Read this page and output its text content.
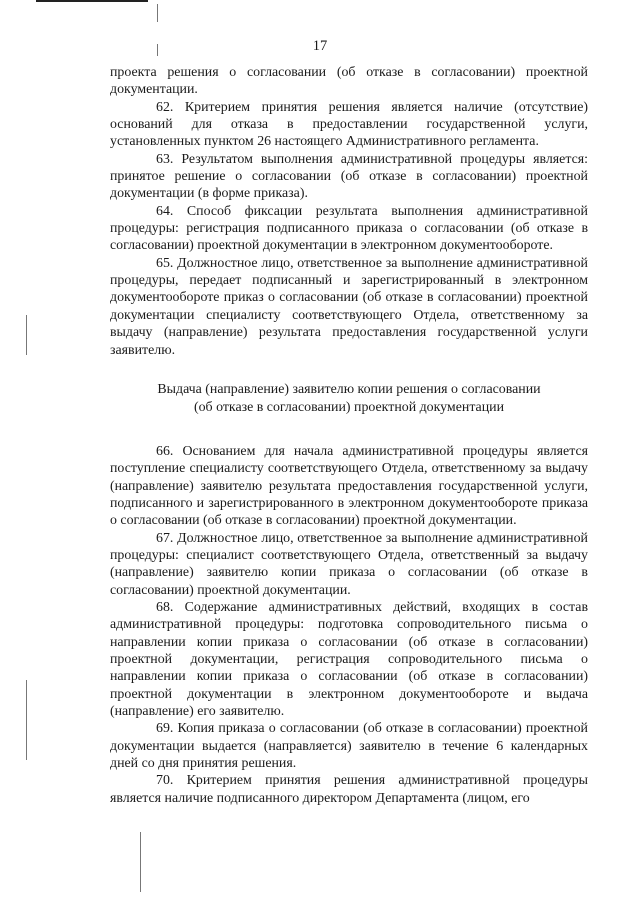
17

проекта решения о согласовании (об отказе в согласовании) проектной документации.

62. Критерием принятия решения является наличие (отсутствие) оснований для отказа в предоставлении государственной услуги, установленных пунктом 26 настоящего Административного регламента.

63. Результатом выполнения административной процедуры является: принятое решение о согласовании (об отказе в согласовании) проектной документации (в форме приказа).

64. Способ фиксации результата выполнения административной процедуры: регистрация подписанного приказа о согласовании (об отказе в согласовании) проектной документации в электронном документообороте.

65. Должностное лицо, ответственное за выполнение административной процедуры, передает подписанный и зарегистрированный в электронном документообороте приказ о согласовании (об отказе в согласовании) проектной документации специалисту соответствующего Отдела, ответственному за выдачу (направление) результата предоставления государственной услуги заявителю.

Выдача (направление) заявителю копии решения о согласовании
(об отказе в согласовании) проектной документации

66. Основанием для начала административной процедуры является поступление специалисту соответствующего Отдела, ответственному за выдачу (направление) заявителю результата предоставления государственной услуги, подписанного и зарегистрированного в электронном документообороте приказа о согласовании (об отказе в согласовании) проектной документации.

67. Должностное лицо, ответственное за выполнение административной процедуры: специалист соответствующего Отдела, ответственный за выдачу (направление) заявителю копии приказа о согласовании (об отказе в согласовании) проектной документации.

68. Содержание административных действий, входящих в состав административной процедуры: подготовка сопроводительного письма о направлении копии приказа о согласовании (об отказе в согласовании) проектной документации, регистрация сопроводительного письма о направлении копии приказа о согласовании (об отказе в согласовании) проектной документации в электронном документообороте и выдача (направление) его заявителю.

69. Копия приказа о согласовании (об отказе в согласовании) проектной документации выдается (направляется) заявителю в течение 6 календарных дней со дня принятия решения.

70. Критерием принятия решения административной процедуры является наличие подписанного директором Департамента (лицом, его
